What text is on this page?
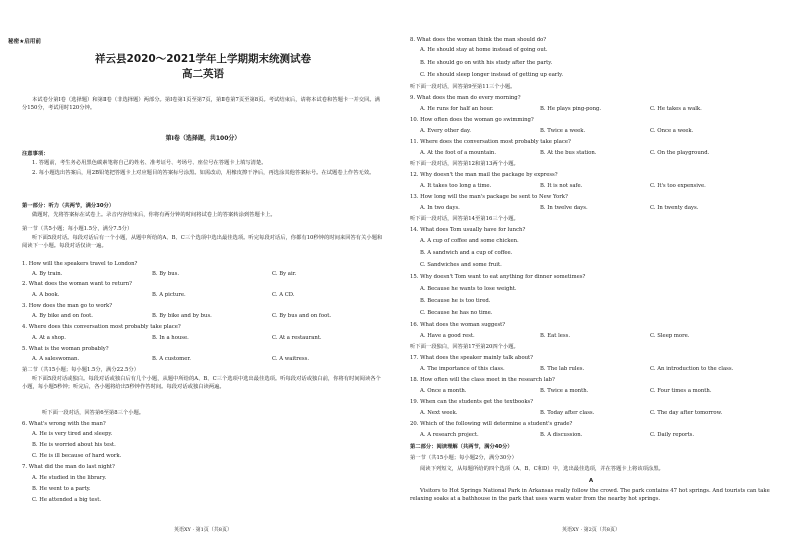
秘密★启用前
祥云县2020～2021学年上学期期末统测试卷
高二英语
本试卷分第Ⅰ卷（选择题）和第Ⅱ卷（非选择题）两部分。第Ⅰ卷第1页至第7页，第Ⅱ卷第7页至第8页。考试结束后，请将本试卷和答题卡一并交回。满分150分，考试用时120分钟。
第Ⅰ卷（选择题，共100分）
注意事项：
1. 答题前，考生务必用黑色碳素笔将自己的姓名、准考证号、考场号、座位号在答题卡上填写清楚。
2. 每小题选出答案后，用2B铅笔把答题卡上对应题目的答案标号涂黑。如需改动，用橡皮擦干净后，再选涂其他答案标号。在试题卷上作答无效。
第一部分：听力（共两节，满分30分）
做题时，先将答案标在试卷上。录音内容结束后，你将有两分钟的时间将试卷上的答案转涂到答题卡上。
第一节（共5小题；每小题1.5分，满分7.5分）
听下面5段对话。每段对话后有一个小题，从题中所给的A、B、C三个选项中选出最佳选项。听完每段对话后，你都有10秒钟的时间来回答有关小题和阅读下一小题。每段对话仅读一遍。
1. How will the speakers travel to London?
A. By train.	B. By bus.	C. By air.
2. What does the woman want to return?
A. A book.	B. A picture.	C. A CD.
3. How does the man go to work?
A. By bike and on foot.	B. By bike and by bus.	C. By bus and on foot.
4. Where does this conversation most probably take place?
A. At a shop.	B. In a house.	C. At a restaurant.
5. What is the woman probably?
A. A saleswoman.	B. A customer.	C. A waitress.
第二节（共15小题；每小题1.5分，满分22.5分）
听下面5段对话或独白。每段对话或独白后有几个小题，从题中所给的A、B、C三个选项中选出最佳选项。听每段对话或独白前，你将有时间阅读各个小题，每小题5秒钟；听完后，各小题将给出5秒钟作答时间。每段对话或独白读两遍。
听下面一段对话，回答第6至第8三个小题。
6. What's wrong with the man?
A. He is very tired and sleepy.
B. He is worried about his test.
C. He is ill because of hard work.
7. What did the man do last night?
A. He studied in the library.
B. He went to a party.
C. He attended a big test.
英语XY · 第1页（共8页）
8. What does the woman think the man should do?
A. He should stay at home instead of going out.
B. He should go on with his study after the party.
C. He should sleep longer instead of getting up early.
听下面一段对话，回答第9至第11三个小题。
9. What does the man do every morning?
A. He runs for half an hour.	B. He plays ping-pong.	C. He takes a walk.
10. How often does the woman go swimming?
A. Every other day.	B. Twice a week.	C. Once a week.
11. Where does the conversation most probably take place?
A. At the foot of a mountain.	B. At the bus station.	C. On the playground.
听下面一段对话，回答第12和第13两个小题。
12. Why doesn't the man mail the package by express?
A. It takes too long a time.	B. It is not safe.	C. It's too expensive.
13. How long will the man's package be sent to New York?
A. In two days.	B. In twelve days.	C. In twenty days.
听下面一段对话，回答第14至第16三个小题。
14. What does Tom usually have for lunch?
A. A cup of coffee and some chicken.
B. A sandwich and a cup of coffee.
C. Sandwiches and some fruit.
15. Why doesn't Tom want to eat anything for dinner sometimes?
A. Because he wants to lose weight.
B. Because he is too tired.
C. Because he has no time.
16. What does the woman suggest?
A. Have a good rest.	B. Eat less.	C. Sleep more.
听下面一段独白，回答第17至第20四个小题。
17. What does the speaker mainly talk about?
A. The importance of this class.	B. The lab rules.	C. An introduction to the class.
18. How often will the class meet in the research lab?
A. Once a month.	B. Twice a month.	C. Four times a month.
19. When can the students get the textbooks?
A. Next week.	B. Today after class.	C. The day after tomorrow.
20. Which of the following will determine a student's grade?
A. A research project.	B. A discussion.	C. Daily reports.
第二部分：阅读理解（共两节，满分40分）
第一节（共15小题；每小题2分，满分30分）
阅读下列短文，从每题所给的四个选项（A、B、C和D）中，选出最佳选项，并在答题卡上将该项涂黑。
A
Visitors to Hot Springs National Park in Arkansas really follow the crowd. The park contains 47 hot springs. And tourists can take relaxing soaks at a bathhouse in the park that uses warm water from the nearby hot springs.
英语XY · 第2页（共8页）
